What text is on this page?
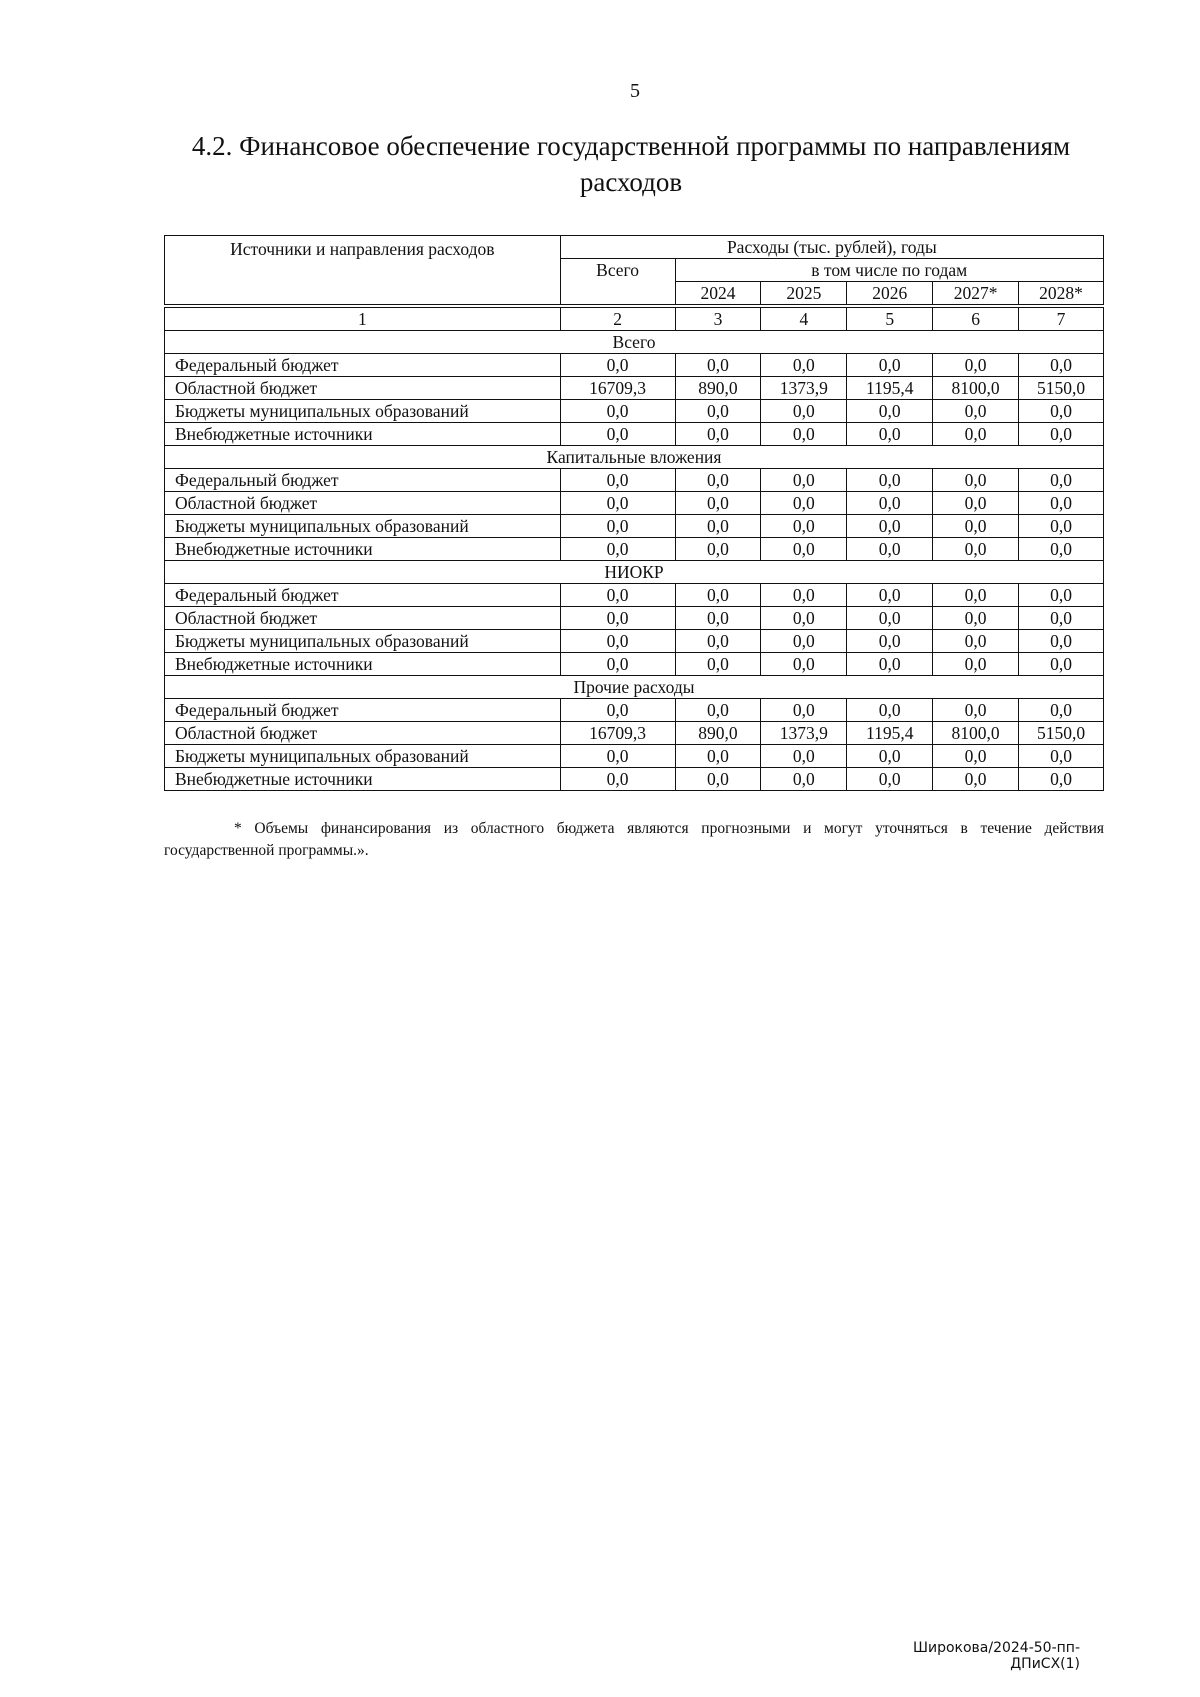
5
4.2. Финансовое обеспечение государственной программы по направлениям расходов
Источники и направления расходов	Расходы (тыс. рублей), годы					
	Всего	в том числе по годам				
		2024	2025	2026	2027*	2028*

1	2	3	4	5	6	7
Всего						
Федеральный бюджет	0,0	0,0	0,0	0,0	0,0	0,0
Областной бюджет	16709,3	890,0	1373,9	1195,4	8100,0	5150,0
Бюджеты муниципальных образований	0,0	0,0	0,0	0,0	0,0	0,0
Внебюджетные источники	0,0	0,0	0,0	0,0	0,0	0,0
Капитальные вложения						
Федеральный бюджет	0,0	0,0	0,0	0,0	0,0	0,0
Областной бюджет	0,0	0,0	0,0	0,0	0,0	0,0
Бюджеты муниципальных образований	0,0	0,0	0,0	0,0	0,0	0,0
Внебюджетные источники	0,0	0,0	0,0	0,0	0,0	0,0
НИОКР						
Федеральный бюджет	0,0	0,0	0,0	0,0	0,0	0,0
Областной бюджет	0,0	0,0	0,0	0,0	0,0	0,0
Бюджеты муниципальных образований	0,0	0,0	0,0	0,0	0,0	0,0
Внебюджетные источники	0,0	0,0	0,0	0,0	0,0	0,0
Прочие расходы						
Федеральный бюджет	0,0	0,0	0,0	0,0	0,0	0,0
Областной бюджет	16709,3	890,0	1373,9	1195,4	8100,0	5150,0
Бюджеты муниципальных образований	0,0	0,0	0,0	0,0	0,0	0,0
Внебюджетные источники	0,0	0,0	0,0	0,0	0,0	0,0
* Объемы финансирования из областного бюджета являются прогнозными и могут уточняться в течение действия государственной программы.».
Широкова/2024-50-пп-ДПиСХ(1)
